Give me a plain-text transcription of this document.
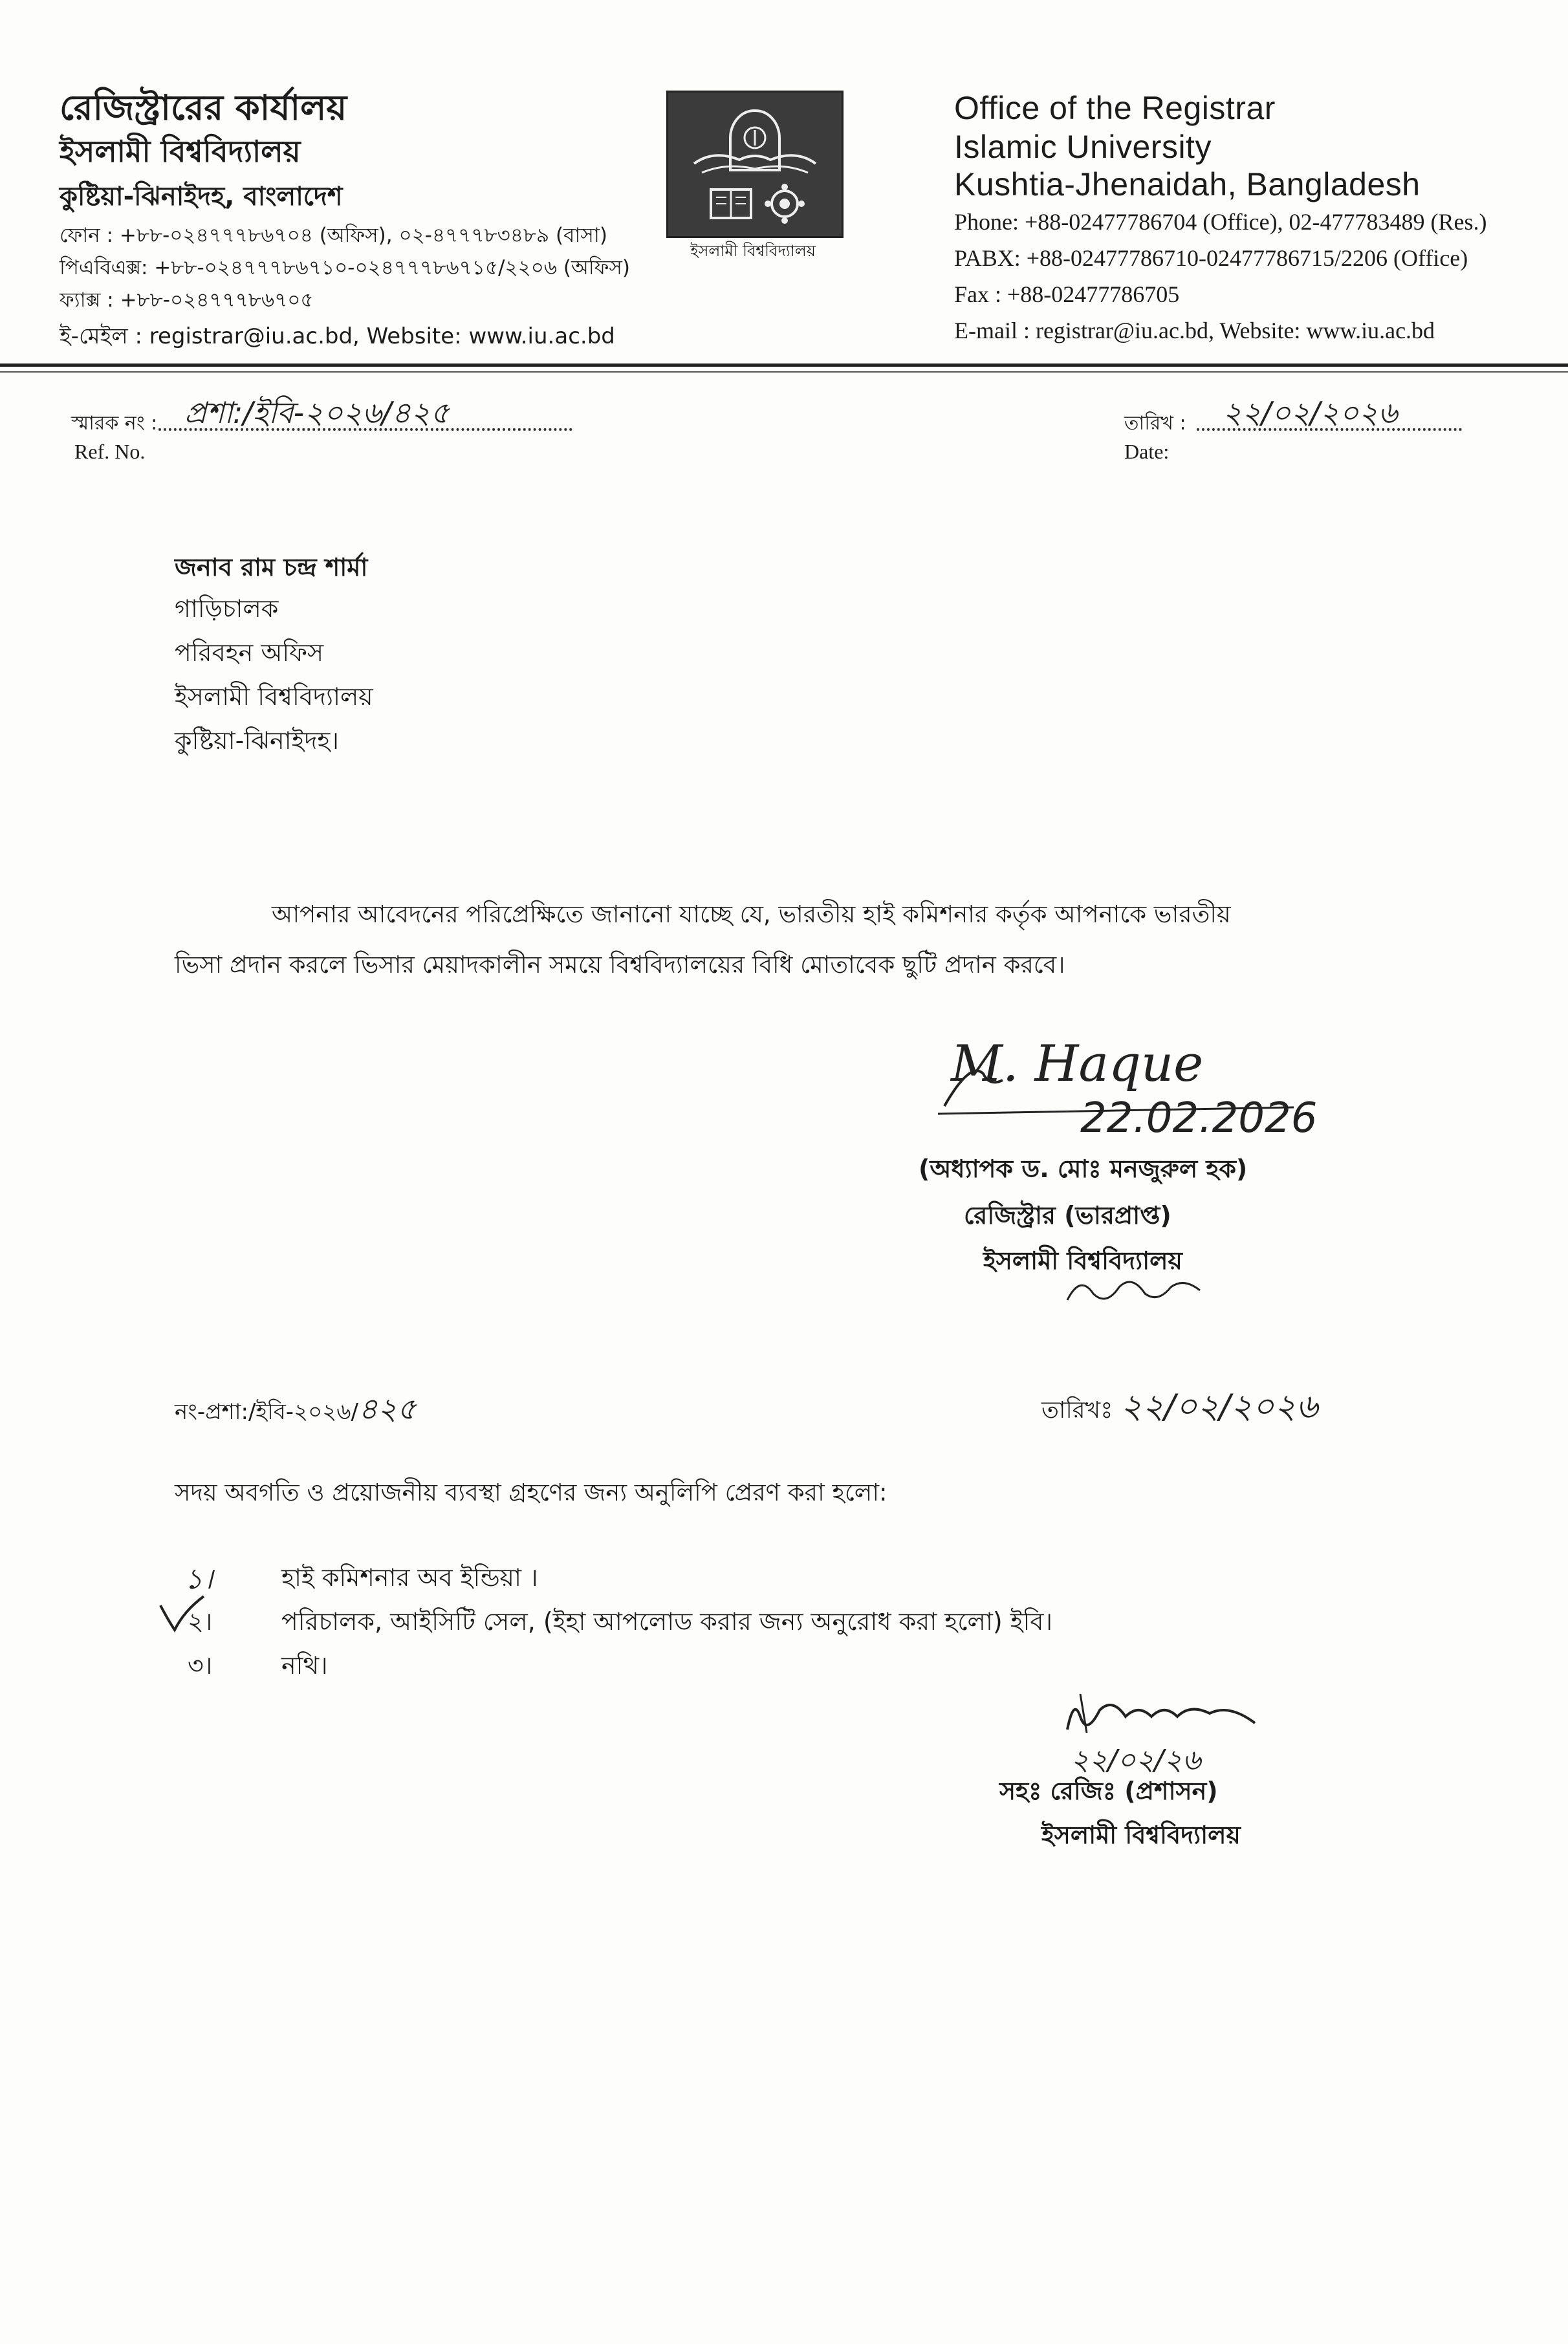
রেজিস্ট্রারের কার্যালয়
ইসলামী বিশ্ববিদ্যালয়
কুষ্টিয়া-ঝিনাইদহ, বাংলাদেশ
ফোন : +৮৮-০২৪৭৭৭৮৬৭০৪ (অফিস), ০২-৪৭৭৭৮৩৪৮৯ (বাসা)
পিএবিএক্স: +৮৮-০২৪৭৭৭৮৬৭১০-০২৪৭৭৭৮৬৭১৫/২২০৬ (অফিস)
ফ্যাক্স : +৮৮-০২৪৭৭৭৮৬৭০৫
ই-মেইল : registrar@iu.ac.bd, Website: www.iu.ac.bd
ইসলামী বিশ্ববিদ্যালয়
Office of the Registrar
Islamic University
Kushtia-Jhenaidah, Bangladesh
Phone: +88-02477786704 (Office), 02-477783489 (Res.)
PABX: +88-02477786710-02477786715/2206 (Office)
Fax : +88-02477786705
E-mail : registrar@iu.ac.bd, Website: www.iu.ac.bd
স্মারক নং : প্রশা:/ইবি-২০২৬/৪২৫
Ref. No.
তারিখ :	২২/০২/২০২৬
Date:
জনাব রাম চন্দ্র শার্মা
গাড়িচালক
পরিবহন অফিস
ইসলামী বিশ্ববিদ্যালয়
কুষ্টিয়া-ঝিনাইদহ।
আপনার আবেদনের পরিপ্রেক্ষিতে জানানো যাচ্ছে যে, ভারতীয় হাই কমিশনার কর্তৃক আপনাকে ভারতীয়
ভিসা প্রদান করলে ভিসার মেয়াদকালীন সময়ে বিশ্ববিদ্যালয়ের বিধি মোতাবেক ছুটি প্রদান করবে।
M. Haque
22.02.2026
(অধ্যাপক ড. মোঃ মনজুরুল হক)
রেজিস্ট্রার (ভারপ্রাপ্ত)
ইসলামী বিশ্ববিদ্যালয়
নং-প্রশা:/ইবি-২০২৬/৪২৫	তারিখঃ ২২/০২/২০২৬
সদয় অবগতি ও প্রয়োজনীয় ব্যবস্থা গ্রহণের জন্য অনুলিপি প্রেরণ করা হলো:
১।	হাই কমিশনার অব ইন্ডিয়া ।
২।	পরিচালক, আইসিটি সেল, (ইহা আপলোড করার জন্য অনুরোধ করা হলো) ইবি।
৩।	নথি।
২২/০২/২৬
সহঃ রেজিঃ (প্রশাসন)
ইসলামী বিশ্ববিদ্যালয়
